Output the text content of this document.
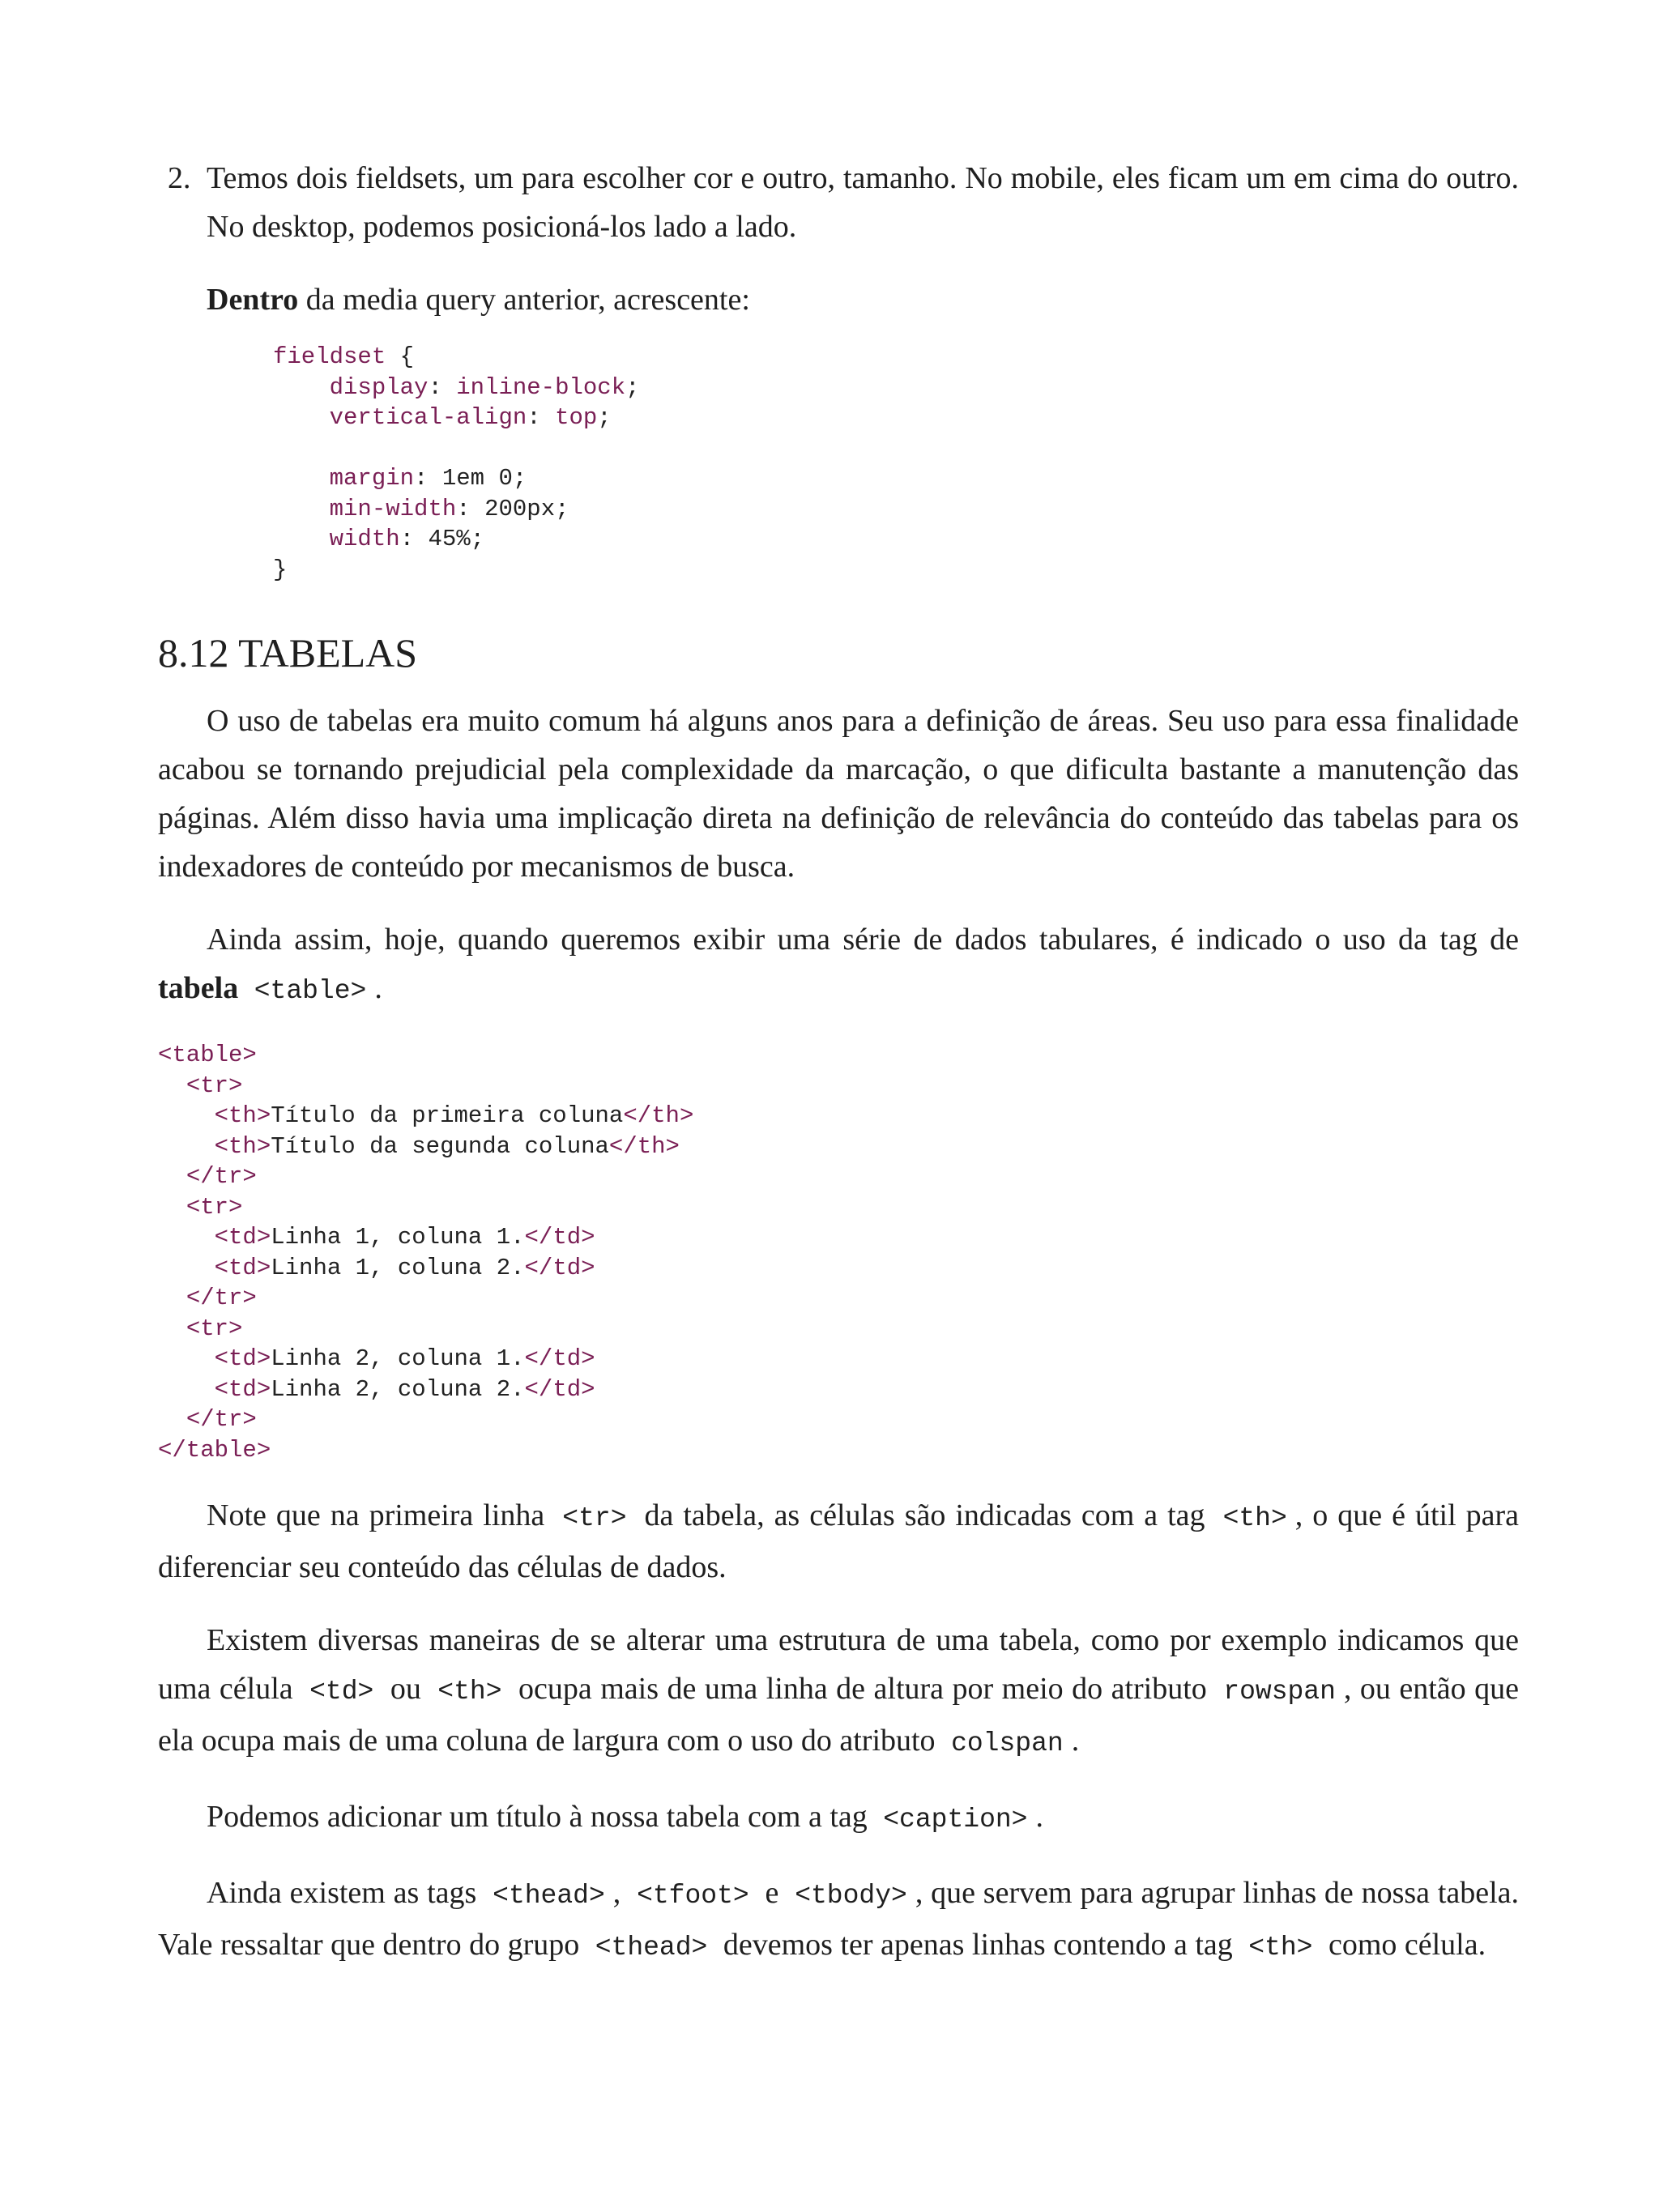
2. Temos dois fieldsets, um para escolher cor e outro, tamanho. No mobile, eles ficam um em cima do outro. No desktop, podemos posicioná-los lado a lado.

Dentro da media query anterior, acrescente:

fieldset {
display: inline-block;
vertical-align: top;

margin: 1em 0;
min-width: 200px;
width: 45%;
}
8.12 TABELAS

O uso de tabelas era muito comum há alguns anos para a definição de áreas. Seu uso para essa finalidade acabou se tornando prejudicial pela complexidade da marcação, o que dificulta bastante a manutenção das páginas. Além disso havia uma implicação direta na definição de relevância do conteúdo das tabelas para os indexadores de conteúdo por mecanismos de busca.

Ainda assim, hoje, quando queremos exibir uma série de dados tabulares, é indicado o uso da tag de tabela <table> .

<table>
<tr>
<th>Título da primeira coluna</th>
<th>Título da segunda coluna</th>
</tr>
<tr>
<td>Linha 1, coluna 1.</td>
<td>Linha 1, coluna 2.</td>
</tr>
<tr>
<td>Linha 2, coluna 1.</td>
<td>Linha 2, coluna 2.</td>
</tr>
</table>

Note que na primeira linha <tr> da tabela, as células são indicadas com a tag <th> , o que é útil para diferenciar seu conteúdo das células de dados.

Existem diversas maneiras de se alterar uma estrutura de uma tabela, como por exemplo indicamos que uma célula <td> ou <th> ocupa mais de uma linha de altura por meio do atributo rowspan , ou então que ela ocupa mais de uma coluna de largura com o uso do atributo colspan .

Podemos adicionar um título à nossa tabela com a tag <caption> .

Ainda existem as tags <thead> , <tfoot> e <tbody> , que servem para agrupar linhas de nossa tabela. Vale ressaltar que dentro do grupo <thead> devemos ter apenas linhas contendo a tag <th> como célula.
